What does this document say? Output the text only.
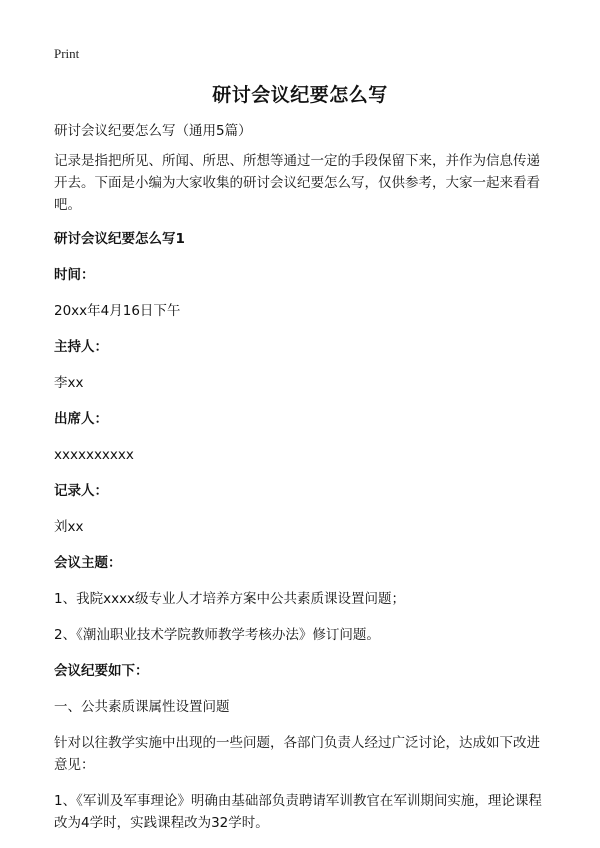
Print
研讨会议纪要怎么写

研讨会议纪要怎么写（通用5篇）

记录是指把所见、所闻、所思、所想等通过一定的手段保留下来，并作为信息传递开去。下面是小编为大家收集的研讨会议纪要怎么写，仅供参考，大家一起来看看吧。

研讨会议纪要怎么写1

时间：

20xx年4月16日下午

主持人：

李xx

出席人：

xxxxxxxxxx

记录人：

刘xx

会议主题：

1、我院xxxx级专业人才培养方案中公共素质课设置问题；

2、《潮汕职业技术学院教师教学考核办法》修订问题。

会议纪要如下：

一、公共素质课属性设置问题

针对以往教学实施中出现的一些问题，各部门负责人经过广泛讨论，达成如下改进意见：

1、《军训及军事理论》明确由基础部负责聘请军训教官在军训期间实施，理论课程改为4学时，实践课程改为32学时。
